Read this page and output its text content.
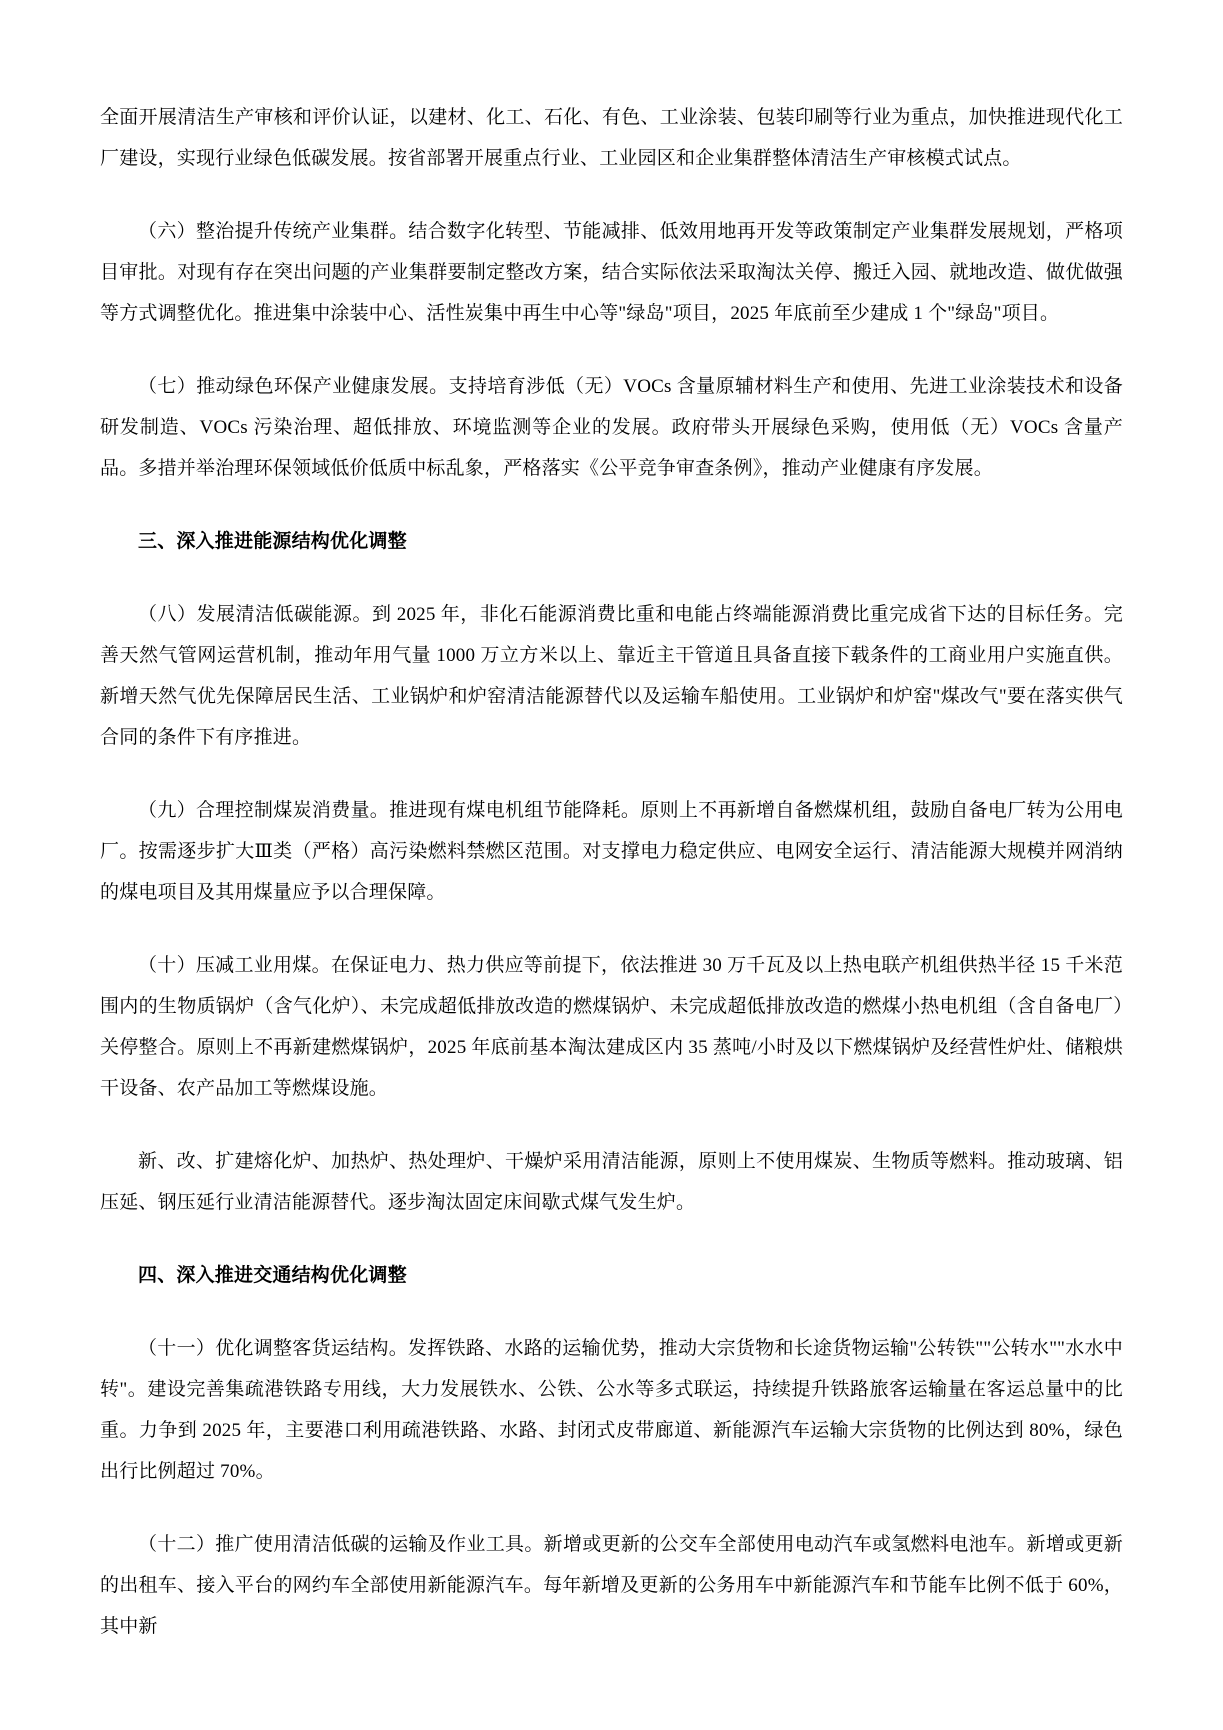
全面开展清洁生产审核和评价认证，以建材、化工、石化、有色、工业涂装、包装印刷等行业为重点，加快推进现代化工厂建设，实现行业绿色低碳发展。按省部署开展重点行业、工业园区和企业集群整体清洁生产审核模式试点。

（六）整治提升传统产业集群。结合数字化转型、节能减排、低效用地再开发等政策制定产业集群发展规划，严格项目审批。对现有存在突出问题的产业集群要制定整改方案，结合实际依法采取淘汰关停、搬迁入园、就地改造、做优做强等方式调整优化。推进集中涂装中心、活性炭集中再生中心等"绿岛"项目，2025 年底前至少建成 1 个"绿岛"项目。

（七）推动绿色环保产业健康发展。支持培育涉低（无）VOCs 含量原辅材料生产和使用、先进工业涂装技术和设备研发制造、VOCs 污染治理、超低排放、环境监测等企业的发展。政府带头开展绿色采购，使用低（无）VOCs 含量产品。多措并举治理环保领域低价低质中标乱象，严格落实《公平竞争审查条例》，推动产业健康有序发展。

三、深入推进能源结构优化调整

（八）发展清洁低碳能源。到 2025 年，非化石能源消费比重和电能占终端能源消费比重完成省下达的目标任务。完善天然气管网运营机制，推动年用气量 1000 万立方米以上、靠近主干管道且具备直接下载条件的工商业用户实施直供。新增天然气优先保障居民生活、工业锅炉和炉窑清洁能源替代以及运输车船使用。工业锅炉和炉窑"煤改气"要在落实供气合同的条件下有序推进。

（九）合理控制煤炭消费量。推进现有煤电机组节能降耗。原则上不再新增自备燃煤机组，鼓励自备电厂转为公用电厂。按需逐步扩大Ⅲ类（严格）高污染燃料禁燃区范围。对支撑电力稳定供应、电网安全运行、清洁能源大规模并网消纳的煤电项目及其用煤量应予以合理保障。

（十）压减工业用煤。在保证电力、热力供应等前提下，依法推进 30 万千瓦及以上热电联产机组供热半径 15 千米范围内的生物质锅炉（含气化炉）、未完成超低排放改造的燃煤锅炉、未完成超低排放改造的燃煤小热电机组（含自备电厂）关停整合。原则上不再新建燃煤锅炉，2025 年底前基本淘汰建成区内 35 蒸吨/小时及以下燃煤锅炉及经营性炉灶、储粮烘干设备、农产品加工等燃煤设施。

新、改、扩建熔化炉、加热炉、热处理炉、干燥炉采用清洁能源，原则上不使用煤炭、生物质等燃料。推动玻璃、铝压延、钢压延行业清洁能源替代。逐步淘汰固定床间歇式煤气发生炉。

四、深入推进交通结构优化调整

（十一）优化调整客货运结构。发挥铁路、水路的运输优势，推动大宗货物和长途货物运输"公转铁""公转水""水水中转"。建设完善集疏港铁路专用线，大力发展铁水、公铁、公水等多式联运，持续提升铁路旅客运输量在客运总量中的比重。力争到 2025 年，主要港口利用疏港铁路、水路、封闭式皮带廊道、新能源汽车运输大宗货物的比例达到 80%，绿色出行比例超过 70%。

（十二）推广使用清洁低碳的运输及作业工具。新增或更新的公交车全部使用电动汽车或氢燃料电池车。新增或更新的出租车、接入平台的网约车全部使用新能源汽车。每年新增及更新的公务用车中新能源汽车和节能车比例不低于 60%，其中新
